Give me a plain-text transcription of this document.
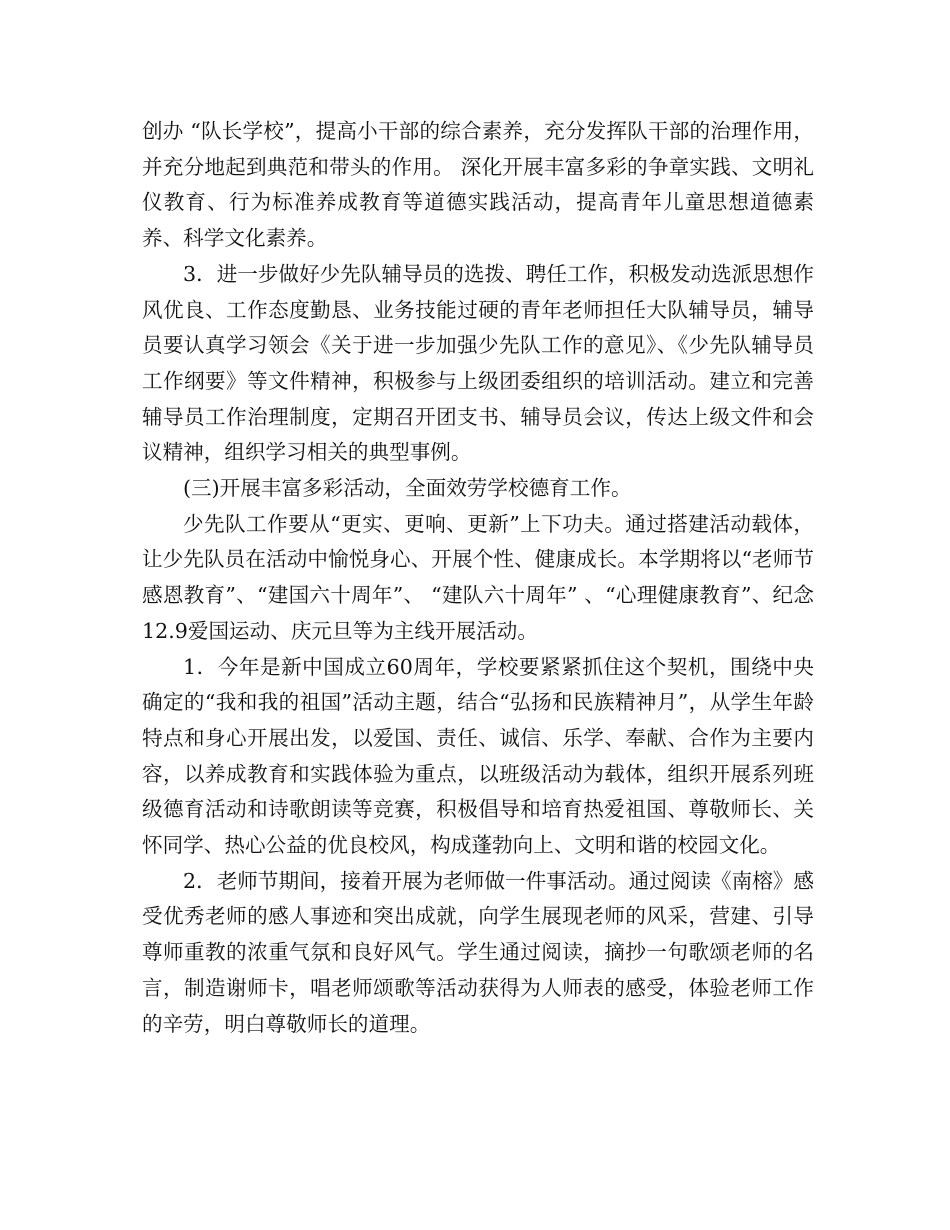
创办 “队长学校”，提高小干部的综合素养，充分发挥队干部的治理作用，并充分地起到典范和带头的作用。 深化开展丰富多彩的争章实践、文明礼仪教育、行为标准养成教育等道德实践活动，提高青年儿童思想道德素养、科学文化素养。

3．进一步做好少先队辅导员的选拨、聘任工作，积极发动选派思想作风优良、工作态度勤恳、业务技能过硬的青年老师担任大队辅导员，辅导员要认真学习领会《关于进一步加强少先队工作的意见》、《少先队辅导员工作纲要》等文件精神，积极参与上级团委组织的培训活动。建立和完善辅导员工作治理制度，定期召开团支书、辅导员会议，传达上级文件和会议精神，组织学习相关的典型事例。

(三)开展丰富多彩活动，全面效劳学校德育工作。

少先队工作要从“更实、更响、更新”上下功夫。通过搭建活动载体，让少先队员在活动中愉悦身心、开展个性、健康成长。本学期将以“老师节感恩教育”、“建国六十周年”、 “建队六十周年” 、“心理健康教育”、纪念12.9爱国运动、庆元旦等为主线开展活动。

1．今年是新中国成立60周年，学校要紧紧抓住这个契机，围绕中央确定的“我和我的祖国”活动主题，结合“弘扬和民族精神月”，从学生年龄特点和身心开展出发，以爱国、责任、诚信、乐学、奉献、合作为主要内容，以养成教育和实践体验为重点，以班级活动为载体，组织开展系列班级德育活动和诗歌朗读等竞赛，积极倡导和培育热爱祖国、尊敬师长、关怀同学、热心公益的优良校风，构成蓬勃向上、文明和谐的校园文化。

2．老师节期间，接着开展为老师做一件事活动。通过阅读《南榕》感受优秀老师的感人事迹和突出成就，向学生展现老师的风采，营建、引导尊师重教的浓重气氛和良好风气。学生通过阅读，摘抄一句歌颂老师的名言，制造谢师卡，唱老师颂歌等活动获得为人师表的感受，体验老师工作的辛劳，明白尊敬师长的道理。
